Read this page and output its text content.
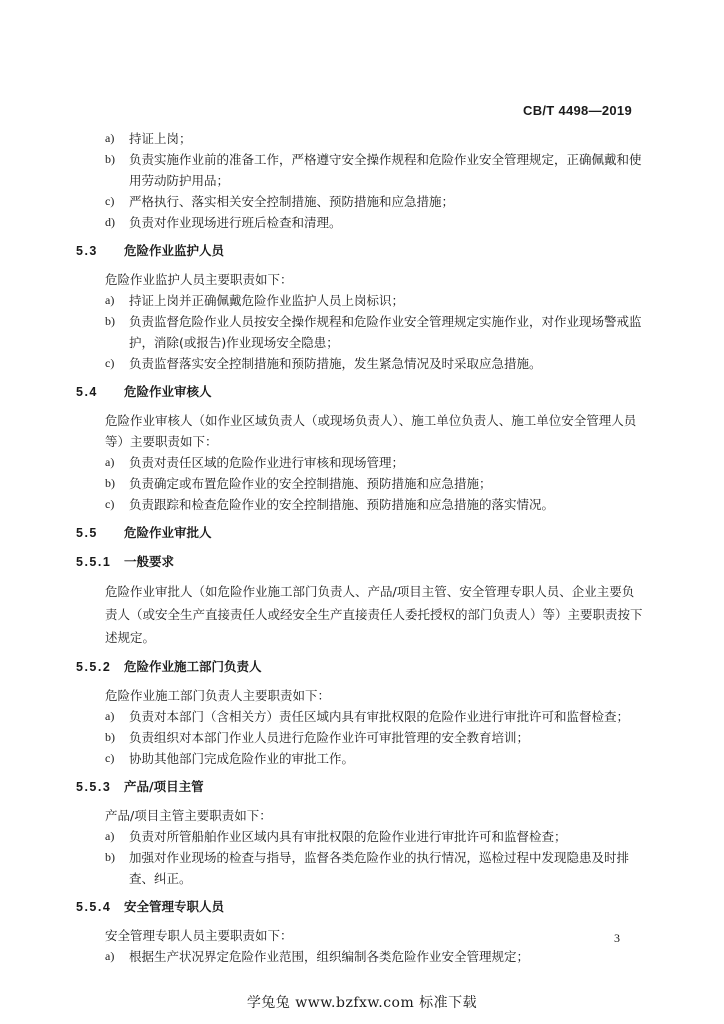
CB/T 4498—2019

a) 持证上岗；

b) 负责实施作业前的准备工作，严格遵守安全操作规程和危险作业安全管理规定，正确佩戴和使用劳动防护用品；

c) 严格执行、落实相关安全控制措施、预防措施和应急措施；

d) 负责对作业现场进行班后检查和清理。

5.3 危险作业监护人员

危险作业监护人员主要职责如下：

a) 持证上岗并正确佩戴危险作业监护人员上岗标识；

b) 负责监督危险作业人员按安全操作规程和危险作业安全管理规定实施作业，对作业现场警戒监护，消除(或报告)作业现场安全隐患；

c) 负责监督落实安全控制措施和预防措施，发生紧急情况及时采取应急措施。

5.4 危险作业审核人

危险作业审核人（如作业区域负责人（或现场负责人）、施工单位负责人、施工单位安全管理人员等）主要职责如下：

a) 负责对责任区域的危险作业进行审核和现场管理；

b) 负责确定或布置危险作业的安全控制措施、预防措施和应急措施；

c) 负责跟踪和检查危险作业的安全控制措施、预防措施和应急措施的落实情况。

5.5 危险作业审批人
5.5.1 一般要求

危险作业审批人（如危险作业施工部门负责人、产品/项目主管、安全管理专职人员、企业主要负责人（或安全生产直接责任人或经安全生产直接责任人委托授权的部门负责人）等）主要职责按下述规定。

5.5.2 危险作业施工部门负责人

危险作业施工部门负责人主要职责如下：

a) 负责对本部门（含相关方）责任区域内具有审批权限的危险作业进行审批许可和监督检查；

b) 负责组织对本部门作业人员进行危险作业许可审批管理的安全教育培训；

c) 协助其他部门完成危险作业的审批工作。

5.5.3 产品/项目主管

产品/项目主管主要职责如下：

a) 负责对所管船舶作业区域内具有审批权限的危险作业进行审批许可和监督检查；

b) 加强对作业现场的检查与指导，监督各类危险作业的执行情况，巡检过程中发现隐患及时排查、纠正。

5.5.4 安全管理专职人员

安全管理专职人员主要职责如下：

a) 根据生产状况界定危险作业范围，组织编制各类危险作业安全管理规定；

3
学兔兔 www.bzfxw.com 标准下载
